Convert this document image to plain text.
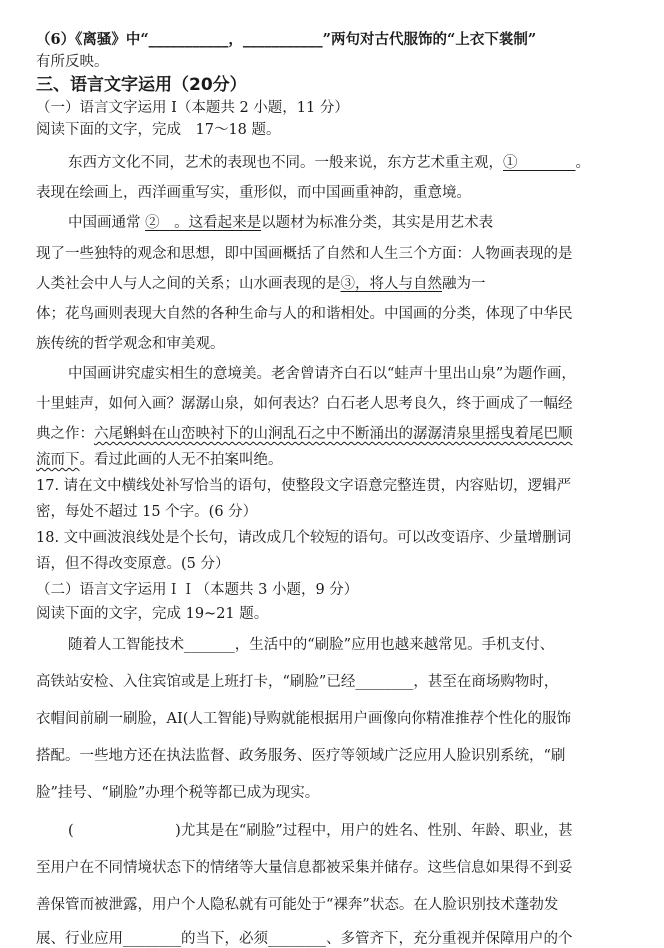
（6）《离骚》中“___________，___________”两句对古代服饰的“上衣下裳制”
有所反映。
三、语言文字运用（20分）
（一）语言文字运用 I（本题共 2 小题，11 分）
阅读下面的文字，完成　17～18 题。
东西方文化不同，艺术的表现也不同。一般来说，东方艺术重主观，①　　　　。
表现在绘画上，西洋画重写实，重形似，而中国画重神韵，重意境。
中国画通常 ②　。这看起来是以题材为标准分类，其实是用艺术表
现了一些独特的观念和思想，即中国画概括了自然和人生三个方面：人物画表现的是
人类社会中人与人之间的关系；山水画表现的是③，将人与自然融为一
体；花鸟画则表现大自然的各种生命与人的和谐相处。中国画的分类，体现了中华民
族传统的哲学观念和审美观。
中国画讲究虚实相生的意境美。老舍曾请齐白石以“蛙声十里出山泉”为题作画，
十里蛙声，如何入画？潺潺山泉，如何表达？白石老人思考良久，终于画成了一幅经
典之作：六尾蝌蚪在山峦映衬下的山涧乱石之中不断涌出的潺潺清泉里摇曳着尾巴顺
流而下。看过此画的人无不拍案叫绝。
17. 请在文中横线处补写恰当的语句，使整段文字语意完整连贯，内容贴切，逻辑严
密，每处不超过 15 个字。(6 分）
18. 文中画波浪线处是个长句，请改成几个较短的语句。可以改变语序、少量增删词
语，但不得改变原意。(5 分）
（二）语言文字运用ＩＩ（本题共 3 小题，9 分）
阅读下面的文字，完成 19~21 题。
随着人工智能技术_______，生活中的“刷脸”应用也越来越常见。手机支付、
高铁站安检、入住宾馆或是上班打卡，“刷脸”已经________，甚至在商场购物时，
衣帽间前刷一刷脸，AI(人工智能)导购就能根据用户画像向你精准推荐个性化的服饰
搭配。一些地方还在执法监督、政务服务、医疗等领域广泛应用人脸识别系统，“刷
脸”挂号、“刷脸”办理个税等都已成为现实。
(　　　　　　　)尤其是在“刷脸”过程中，用户的姓名、性别、年龄、职业，甚
至用户在不同情境状态下的情绪等大量信息都被采集并储存。这些信息如果得不到妥
善保管而被泄露，用户个人隐私就有可能处于“裸奔”状态。在人脸识别技术蓬勃发
展、行业应用________的当下，必须________、多管齐下，充分重视并保障用户的个
